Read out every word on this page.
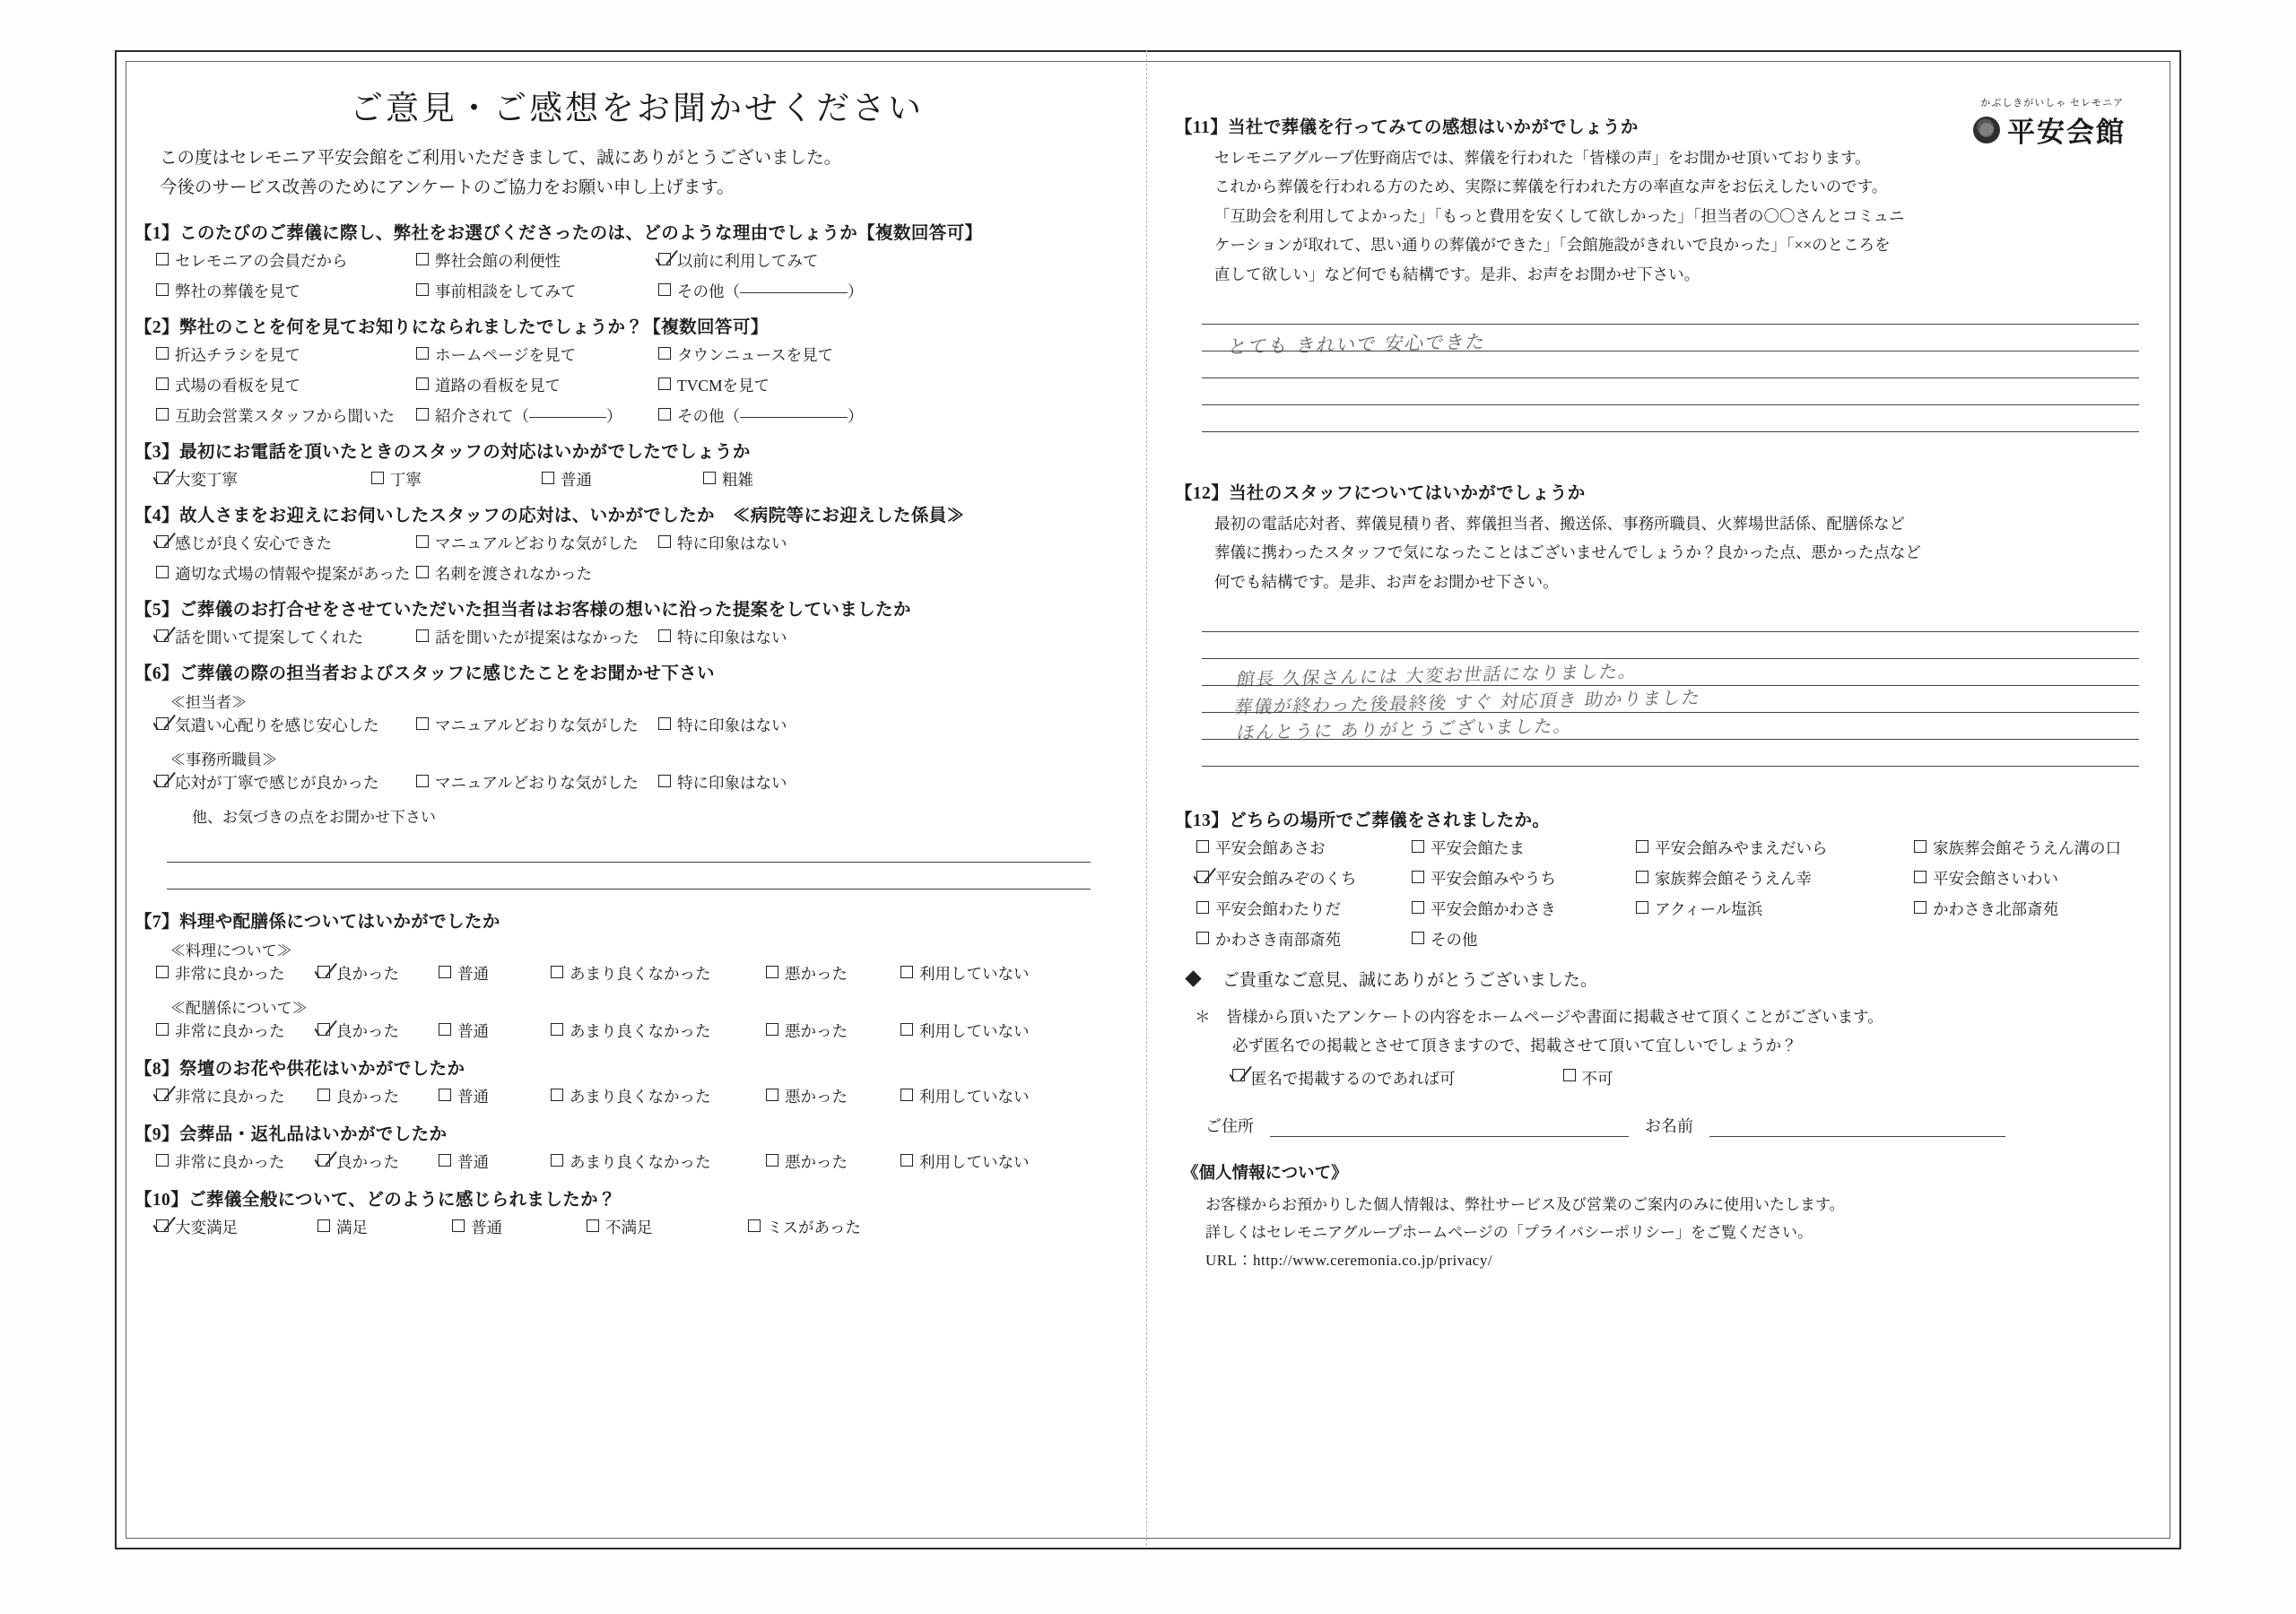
ご意見・ご感想をお聞かせください
この度はセレモニア平安会館をご利用いただきまして、誠にありがとうございました。
今後のサービス改善のためにアンケートのご協力をお願い申し上げます。
【1】このたびのご葬儀に際し、弊社をお選びくださったのは、どのような理由でしょうか【複数回答可】
セレモニアの会員だから	弊社会館の利便性	以前に利用してみて
弊社の葬儀を見て	事前相談をしてみて	その他（	）
【2】弊社のことを何を見てお知りになられましたでしょうか？【複数回答可】
折込チラシを見て	ホームページを見て	タウンニュースを見て
式場の看板を見て	道路の看板を見て	TVCMを見て
互助会営業スタッフから聞いた	紹介されて（	）	その他（	）
【3】最初にお電話を頂いたときのスタッフの対応はいかがでしたでしょうか
大変丁寧	丁寧	普通	粗雑
【4】故人さまをお迎えにお伺いしたスタッフの応対は、いかがでしたか　≪病院等にお迎えした係員≫
感じが良く安心できた	マニュアルどおりな気がした 特に印象はない
適切な式場の情報や提案があった 名刺を渡されなかった
【5】ご葬儀のお打合せをさせていただいた担当者はお客様の想いに沿った提案をしていましたか
話を聞いて提案してくれた	話を聞いたが提案はなかった 特に印象はない
【6】ご葬儀の際の担当者およびスタッフに感じたことをお聞かせ下さい
≪担当者≫
気遣い心配りを感じ安心した	マニュアルどおりな気がした 特に印象はない
≪事務所職員≫
応対が丁寧で感じが良かった	マニュアルどおりな気がした 特に印象はない
他、お気づきの点をお聞かせ下さい
【7】料理や配膳係についてはいかがでしたか
≪料理について≫
非常に良かった	良かった	普通	あまり良くなかった	悪かった	利用していない
≪配膳係について≫
非常に良かった	良かった	普通	あまり良くなかった	悪かった	利用していない
【8】祭壇のお花や供花はいかがでしたか
非常に良かった	良かった	普通	あまり良くなかった	悪かった	利用していない
【9】会葬品・返礼品はいかがでしたか
非常に良かった	良かった	普通	あまり良くなかった	悪かった	利用していない
【10】ご葬儀全般について、どのように感じられましたか？
大変満足	満足	普通	不満足	ミスがあった
かぶしきがいしゃ セレモニア
平安会館
【11】当社で葬儀を行ってみての感想はいかがでしょうか
セレモニアグループ佐野商店では、葬儀を行われた「皆様の声」をお聞かせ頂いております。
これから葬儀を行われる方のため、実際に葬儀を行われた方の率直な声をお伝えしたいのです。
「互助会を利用してよかった」「もっと費用を安くして欲しかった」「担当者の〇〇さんとコミュニ
ケーションが取れて、思い通りの葬儀ができた」「会館施設がきれいで良かった」「××のところを
直して欲しい」など何でも結構です。是非、お声をお聞かせ下さい。
とても きれいで 安心できた
【12】当社のスタッフについてはいかがでしょうか
最初の電話応対者、葬儀見積り者、葬儀担当者、搬送係、事務所職員、火葬場世話係、配膳係など
葬儀に携わったスタッフで気になったことはございませんでしょうか？良かった点、悪かった点など
何でも結構です。是非、お声をお聞かせ下さい。
館長 久保さんには 大変お世話になりました。
葬儀が終わった後最終後 すぐ 対応頂き 助かりました
ほんとうに ありがとうございました。
【13】どちらの場所でご葬儀をされましたか。
平安会館あさお	平安会館たま	平安会館みやまえだいら	家族葬会館そうえん溝の口
平安会館みぞのくち	平安会館みやうち	家族葬会館そうえん幸	平安会館さいわい
平安会館わたりだ	平安会館かわさき	アクィール塩浜	かわさき北部斎苑
かわさき南部斎苑	その他
ご貴重なご意見、誠にありがとうございました。
＊ 皆様から頂いたアンケートの内容をホームページや書面に掲載させて頂くことがございます。
必ず匿名での掲載とさせて頂きますので、掲載させて頂いて宜しいでしょうか？
匿名で掲載するのであれば可	不可
ご住所	お名前
《個人情報について》
お客様からお預かりした個人情報は、弊社サービス及び営業のご案内のみに使用いたします。
詳しくはセレモニアグループホームページの「プライバシーポリシー」をご覧ください。
URL：http://www.ceremonia.co.jp/privacy/
